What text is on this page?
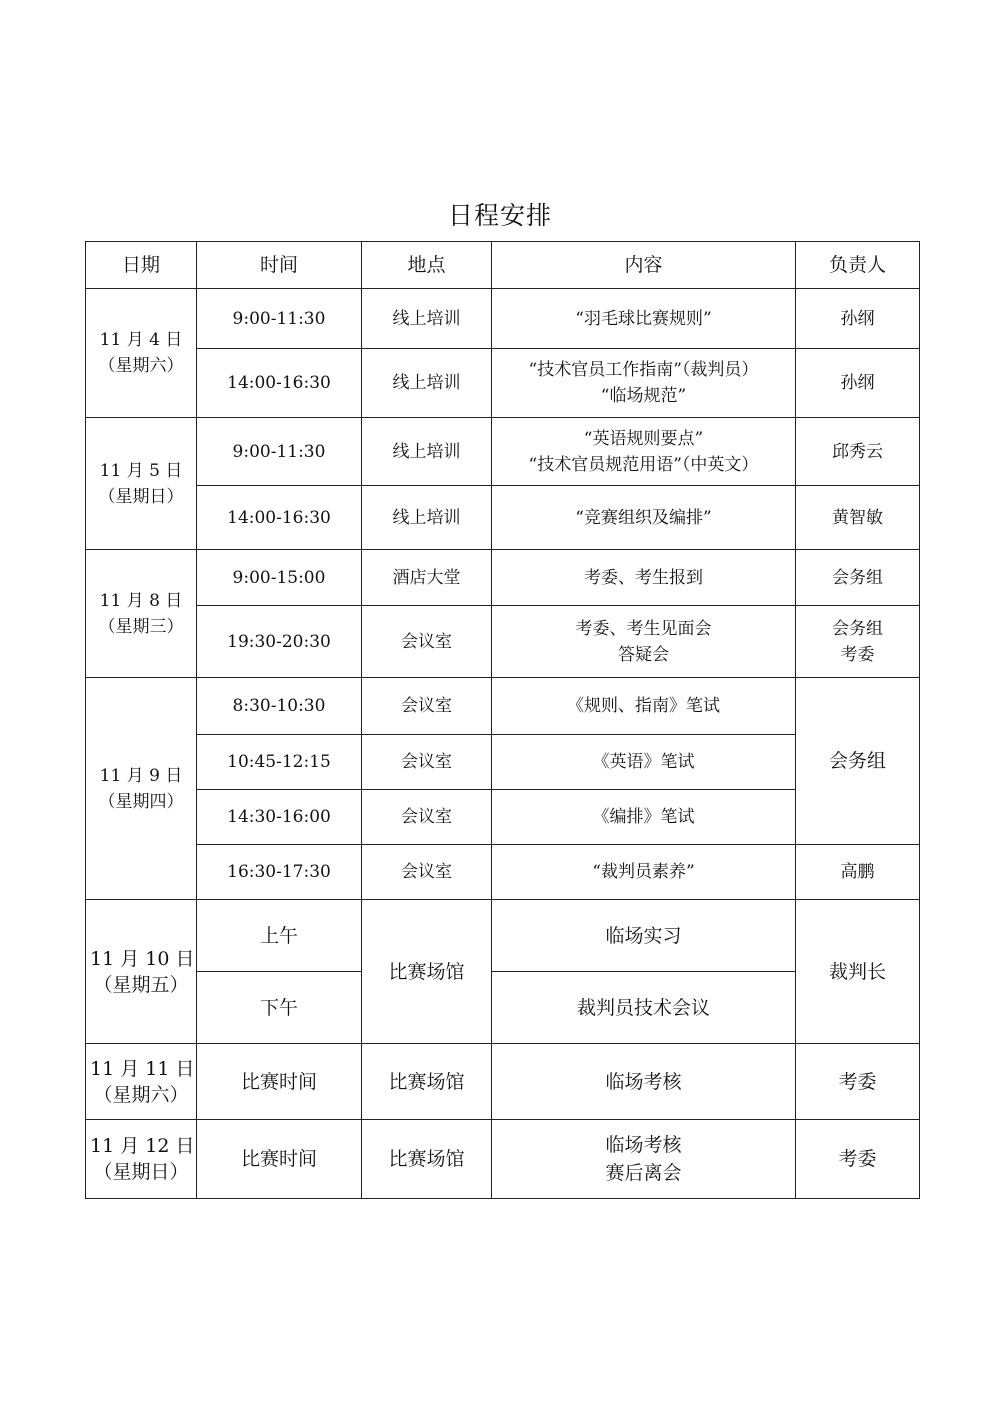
日程安排
日期	时间	地点	内容	负责人

11 月 4 日
（星期六）	9:00-11:30	线上培训	“羽毛球比赛规则”	孙纲

	14:00-16:30	线上培训	“技术官员工作指南”（裁判员）
“临场规范”	孙纲

11 月 5 日
（星期日）	9:00-11:30	线上培训	“英语规则要点”
“技术官员规范用语”（中英文）	邱秀云

	14:00-16:30	线上培训	“竞赛组织及编排”	黄智敏

11 月 8 日
（星期三）	9:00-15:00	酒店大堂	考委、考生报到	会务组

	19:30-20:30	会议室	考委、考生见面会
答疑会	会务组
考委

11 月 9 日
（星期四）	8:30-10:30	会议室	《规则、指南》笔试	会务组

	10:45-12:15	会议室	《英语》笔试	

	14:30-16:00	会议室	《编排》笔试	

	16:30-17:30	会议室	“裁判员素养”	高鹏

11 月 10 日
（星期五）	上午	比赛场馆	临场实习	裁判长
	下午		裁判员技术会议	

11 月 11 日
（星期六）	比赛时间	比赛场馆	临场考核	考委

11 月 12 日
（星期日）	比赛时间	比赛场馆	临场考核
赛后离会	考委
